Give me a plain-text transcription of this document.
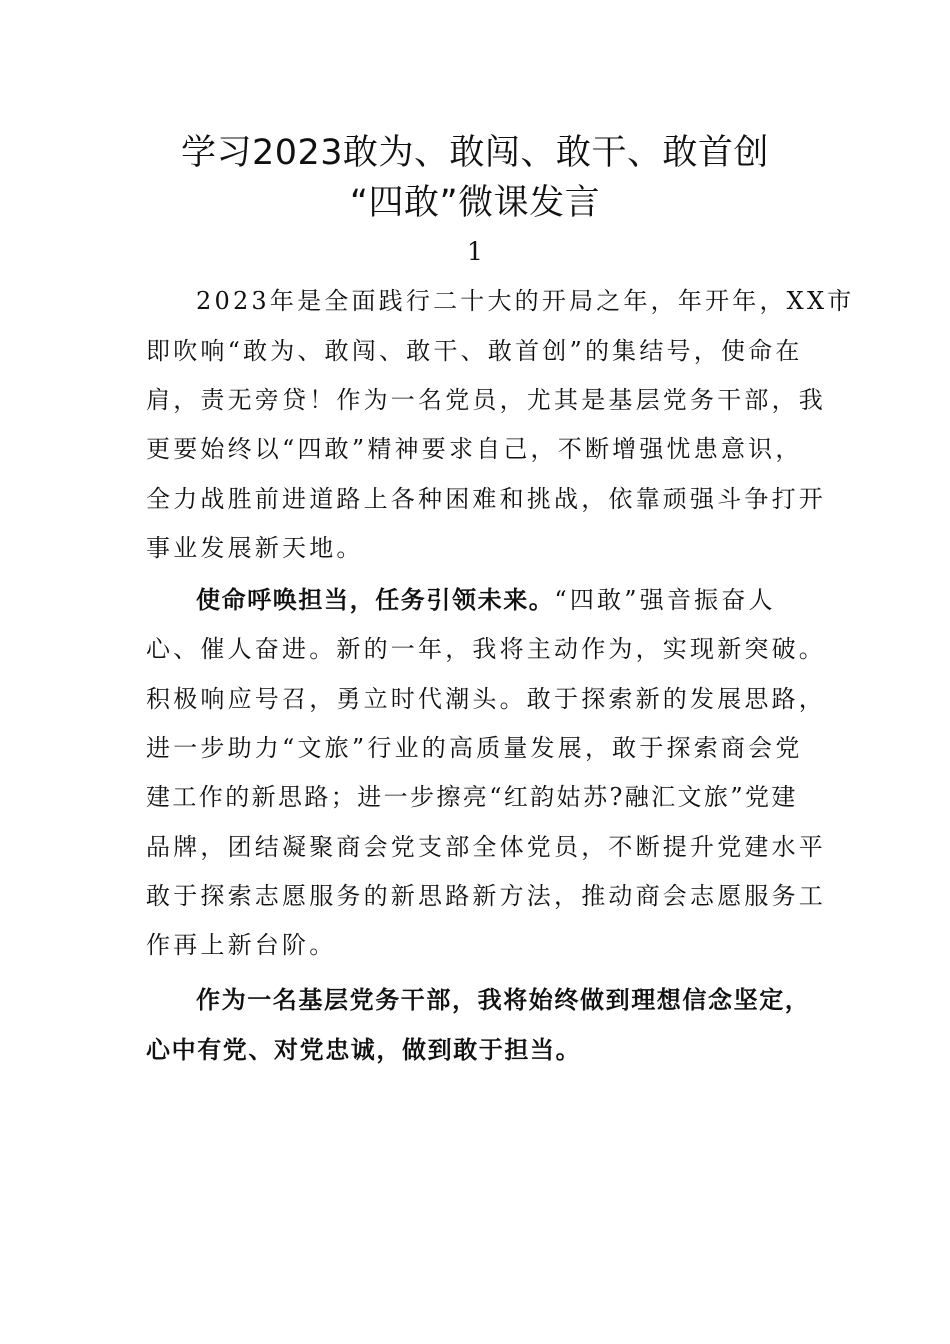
学习2023敢为、敢闯、敢干、敢首创
“四敢”微课发言
1
2023年是全面践行二十大的开局之年，年开年，XX市
即吹响“敢为、敢闯、敢干、敢首创”的集结号，使命在
肩，责无旁贷！作为一名党员，尤其是基层党务干部，我
更要始终以“四敢”精神要求自己，不断增强忧患意识，
全力战胜前进道路上各种困难和挑战，依靠顽强斗争打开
事业发展新天地。
使命呼唤担当，任务引领未来。“四敢”强音振奋人
心、催人奋进。新的一年，我将主动作为，实现新突破。
积极响应号召，勇立时代潮头。敢于探索新的发展思路，
进一步助力“文旅”行业的高质量发展，敢于探索商会党
建工作的新思路；进一步擦亮“红韵姑苏?融汇文旅”党建
品牌，团结凝聚商会党支部全体党员，不断提升党建水平
敢于探索志愿服务的新思路新方法，推动商会志愿服务工
作再上新台阶。
作为一名基层党务干部，我将始终做到理想信念坚定，
心中有党、对党忠诚，做到敢于担当。
